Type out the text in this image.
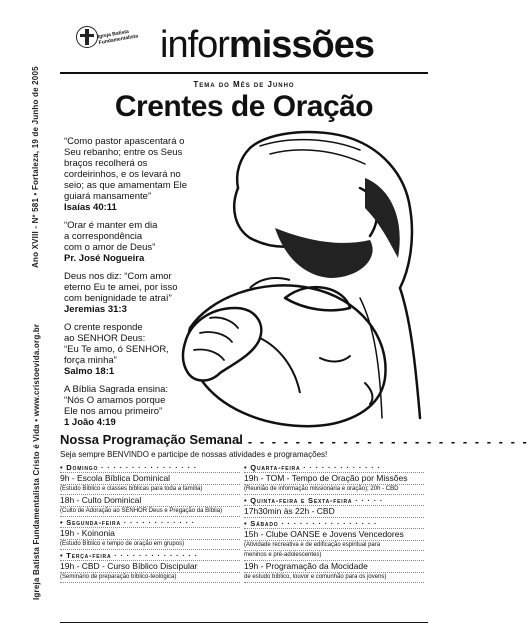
Ano XVIII - Nº 581 • Fortaleza, 19 de Junho de 2005
Igreja Batista Fundamentalista Cristo é Vida • www.cristoevida.org.br
Igreja Batista Fundamentalista informissões
Tema do Mês de Junho
Crentes de Oração
“Como pastor apascentará o
Seu rebanho; entre os Seus
braços recolherá os
cordeirinhos, e os levará no
seio; as que amamentam Ele
guiará mansamente”
Isaías 40:11
“Orar é manter em dia
a correspondência
com o amor de Deus”
Pr. José Nogueira
Deus nos diz: “Com amor
eterno Eu te amei, por isso
com benignidade te atraí”
Jeremias 31:3
O crente responde
ao SENHOR Deus:
“Eu Te amo, ó SENHOR,
força minha”
Salmo 18:1
A Bíblia Sagrada ensina:
“Nós O amamos porque
Ele nos amou primeiro”
1 João 4:19
Nossa Programação Semanal
- - - - - - - - - - - - - - - - - - - - - - - - - -
Seja sempre BENVINDO e participe de nossas atividades e programações!
• Domingo · · · · · · · · · · · · · · · ·
9h - Escola Bíblica Dominical
(Estudo Bíblico e classes bíblicas para toda a família)
18h - Culto Dominical
(Culto de Adoração ao SENHOR Deus e Pregação da Bíblia)
• Segunda-feira · · · · · · · · · · · ·
19h - Koinonia
(Estudo Bíblico e tempo de oração em grupos)
• Terça-feira · · · · · · · · · · · · · ·
19h - CBD - Curso Bíblico Discipular
(Seminário de preparação bíblico-teológica)
• Quarta-feira · · · · · · · · · · · · ·
19h - TOM - Tempo de Oração por Missões
(Reunião de informação missionária e oração); 20h - CBD
• Quinta-feira e Sexta-feira · · · · ·
17h30min às 22h - CBD
• Sábado · · · · · · · · · · · · · · · ·
15h - Clube OANSE e Jovens Vencedores
(Atividade recreativa e de edificação espiritual para
meninos e pré-adolescentes)
19h - Programação da Mocidade
de estudo bíblico, louvor e comunhão para os jovens)
